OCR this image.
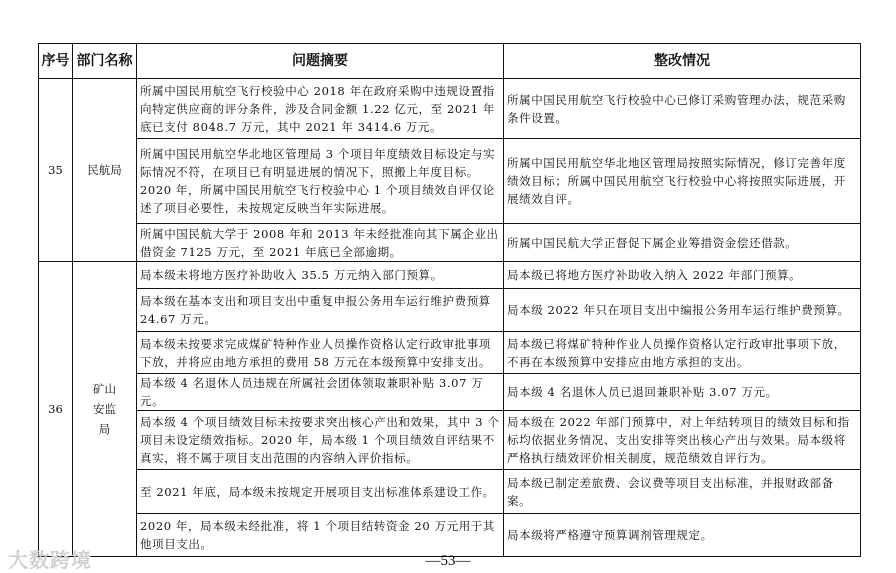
序号	部门名称	问题摘要	整改情况
35	民航局	所属中国民用航空飞行校验中心 2018 年在政府采购中违规设置指向特定供应商的评分条件，涉及合同金额 1.22 亿元，至 2021 年底已支付 8048.7 万元，其中 2021 年 3414.6 万元。	所属中国民用航空飞行校验中心已修订采购管理办法，规范采购条件设置。
		所属中国民用航空华北地区管理局 3 个项目年度绩效目标设定与实际情况不符，在项目已有明显进展的情况下，照搬上年度目标。2020 年，所属中国民用航空飞行校验中心 1 个项目绩效自评仅论述了项目必要性，未按规定反映当年实际进展。	所属中国民用航空华北地区管理局按照实际情况，修订完善年度绩效目标；所属中国民用航空飞行校验中心将按照实际进展，开展绩效自评。
		所属中国民航大学于 2008 年和 2013 年未经批准向其下属企业出借资金 7125 万元，至 2021 年底已全部逾期。	所属中国民航大学正督促下属企业筹措资金偿还借款。
36	矿山安监局	局本级未将地方医疗补助收入 35.5 万元纳入部门预算。	局本级已将地方医疗补助收入纳入 2022 年部门预算。
		局本级在基本支出和项目支出中重复申报公务用车运行维护费预算 24.67 万元。	局本级 2022 年只在项目支出中编报公务用车运行维护费预算。
		局本级未按要求完成煤矿特种作业人员操作资格认定行政审批事项下放，并将应由地方承担的费用 58 万元在本级预算中安排支出。	局本级已将煤矿特种作业人员操作资格认定行政审批事项下放，不再在本级预算中安排应由地方承担的支出。
		局本级 4 名退休人员违规在所属社会团体领取兼职补贴 3.07 万元。	局本级 4 名退休人员已退回兼职补贴 3.07 万元。
		局本级 4 个项目绩效目标未按要求突出核心产出和效果，其中 3 个项目未设定绩效指标。2020 年，局本级 1 个项目绩效自评结果不真实，将不属于项目支出范围的内容纳入评价指标。	局本级在 2022 年部门预算中，对上年结转项目的绩效目标和指标均依据业务情况、支出安排等突出核心产出与效果。局本级将严格执行绩效评价相关制度，规范绩效自评行为。
		至 2021 年底，局本级未按规定开展项目支出标准体系建设工作。	局本级已制定差旅费、会议费等项目支出标准，并报财政部备案。
		2020 年，局本级未经批准，将 1 个项目结转资金 20 万元用于其他项目支出。	局本级将严格遵守预算调剂管理规定。
大数跨境	—53—
